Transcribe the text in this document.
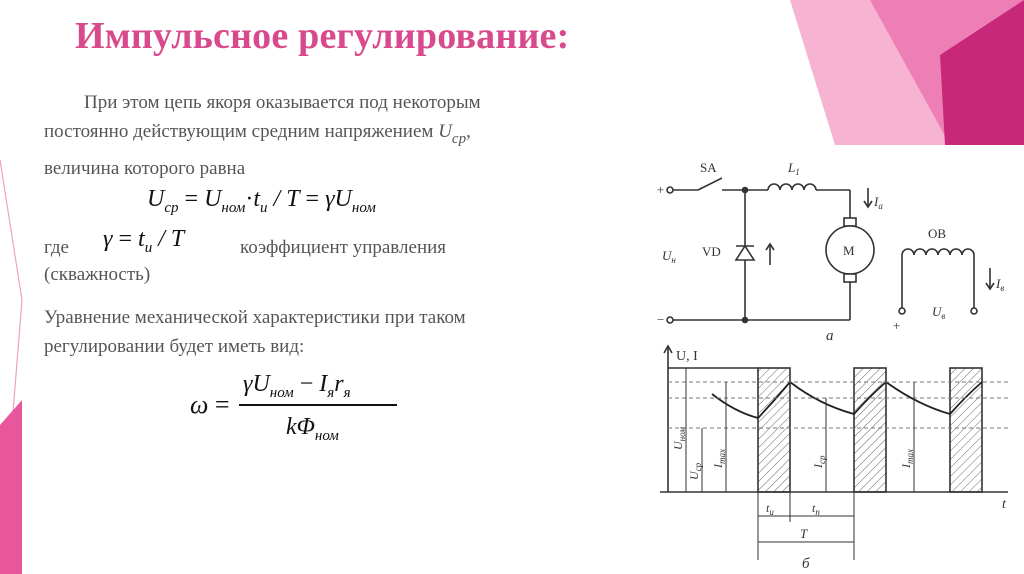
Импульсное регулирование:
При этом цепь якоря оказывается под некоторым
постоянно действующим средним напряжением $U_{ср}$,
величина которого равна
$U_{ср} = U_{ном}\cdot t_и / T = \gamma U_{ном}$
где $\gamma = t_и / T$	коэффициент управления
(скважность)
Уравнение механической характеристики при таком
регулировании будет иметь вид:
ω =
$\gamma U_{ном} - I_яr_я$
$k\Phi_{ном}$
+
−
SA	$L_1$
$U_н$
VD	M
$I_а$
OB
$I_в$
+
$U_в$
а
U, I
t
$U_{ном}$
$U_{ср}$ $I_{max}$
$I_{ср}$
$I_{max}$
$t_и$	$t_п$
T
б
